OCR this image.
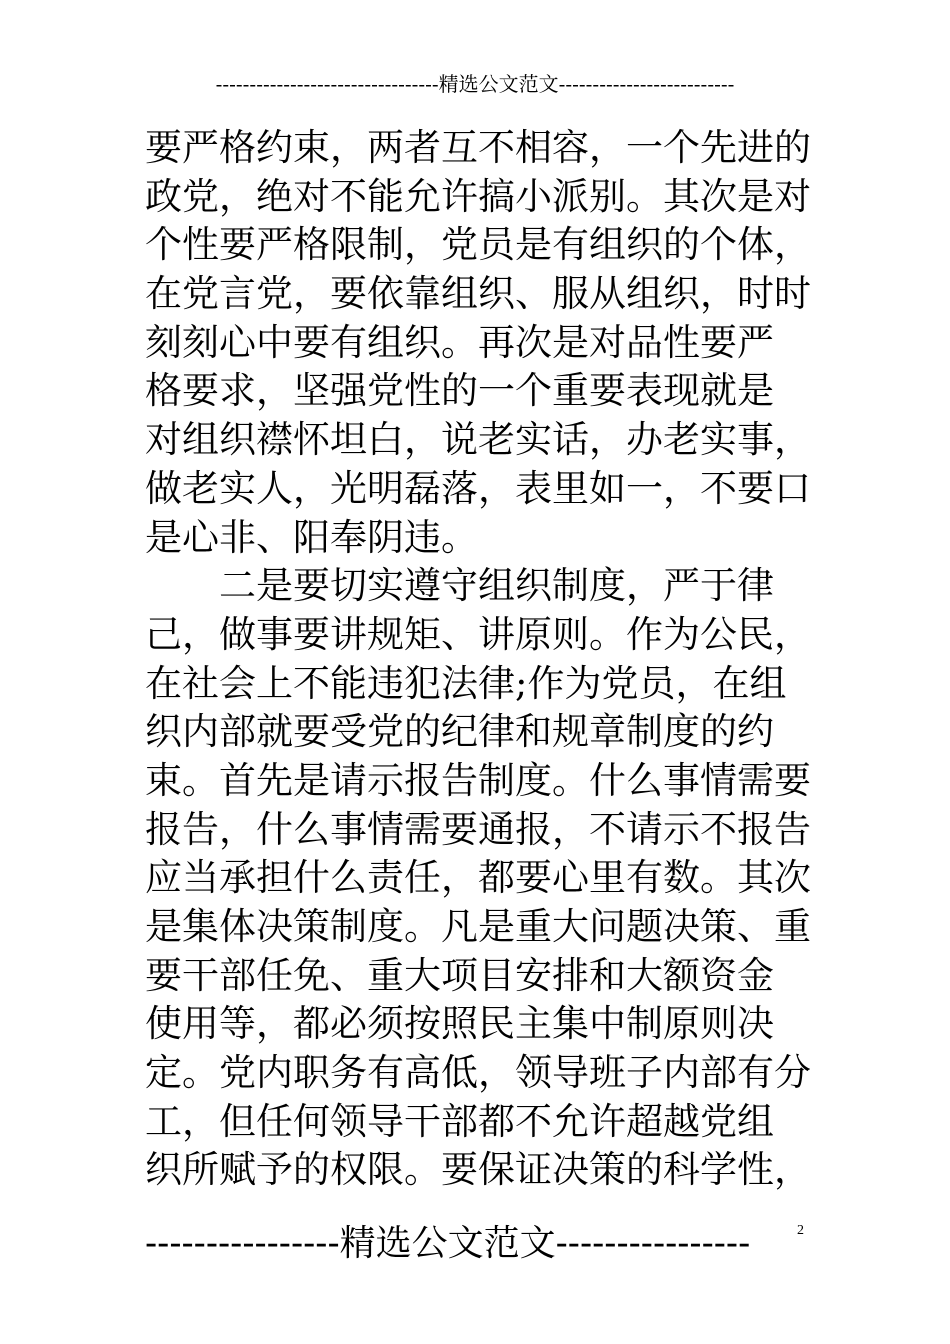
---------------------------------精选公文范文--------------------------
要严格约束，两者互不相容，一个先进的
政党，绝对不能允许搞小派别。其次是对
个性要严格限制，党员是有组织的个体，
在党言党，要依靠组织、服从组织，时时
刻刻心中要有组织。再次是对品性要严
格要求，坚强党性的一个重要表现就是
对组织襟怀坦白，说老实话，办老实事，
做老实人，光明磊落，表里如一，不要口
是心非、阳奉阴违。
二是要切实遵守组织制度，严于律
己，做事要讲规矩、讲原则。作为公民，
在社会上不能违犯法律;作为党员，在组
织内部就要受党的纪律和规章制度的约
束。首先是请示报告制度。什么事情需要
报告，什么事情需要通报，不请示不报告
应当承担什么责任，都要心里有数。其次
是集体决策制度。凡是重大问题决策、重
要干部任免、重大项目安排和大额资金
使用等，都必须按照民主集中制原则决
定。党内职务有高低，领导班子内部有分
工，但任何领导干部都不允许超越党组
织所赋予的权限。要保证决策的科学性，
----------------精选公文范文----------------	2
